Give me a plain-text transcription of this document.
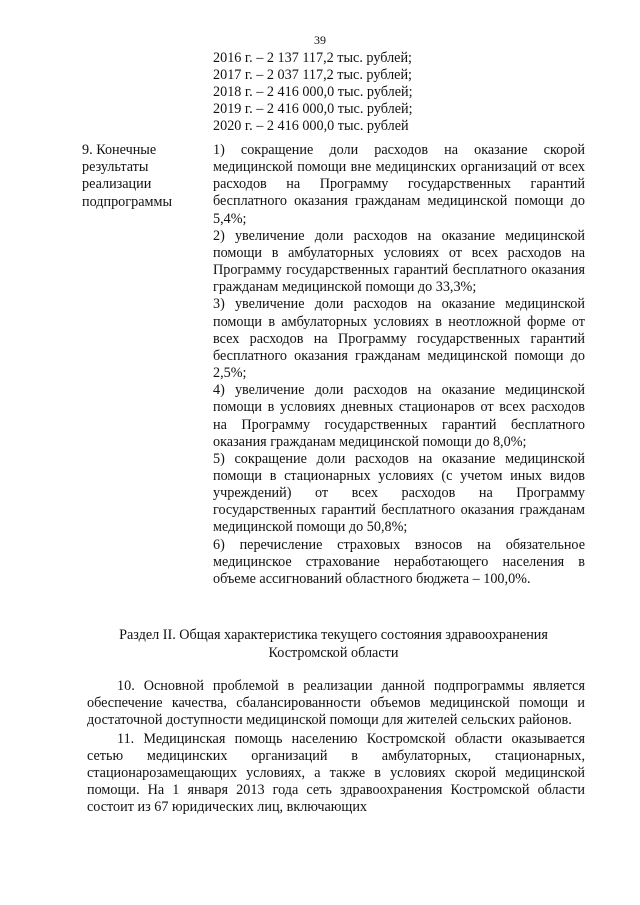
39
2016 г. – 2 137 117,2 тыс. рублей;
2017 г. – 2 037 117,2 тыс. рублей;
2018 г. – 2 416 000,0 тыс. рублей;
2019 г. – 2 416 000,0 тыс. рублей;
2020 г. – 2 416 000,0 тыс. рублей
9. Конечные результаты реализации подпрограммы

1) сокращение доли расходов на оказание скорой медицинской помощи вне медицинских организаций от всех расходов на Программу государственных гарантий бесплатного оказания гражданам медицинской помощи до 5,4%;

2) увеличение доли расходов на оказание медицинской помощи в амбулаторных условиях от всех расходов на Программу государственных гарантий бесплатного оказания гражданам медицинской помощи до 33,3%;

3) увеличение доли расходов на оказание медицинской помощи в амбулаторных условиях в неотложной форме от всех расходов на Программу государственных гарантий бесплатного оказания гражданам медицинской помощи до 2,5%;

4) увеличение доли расходов на оказание медицинской помощи в условиях дневных стационаров от всех расходов на Программу государственных гарантий бесплатного оказания гражданам медицинской помощи до 8,0%;

5) сокращение доли расходов на оказание медицинской помощи в стационарных условиях (с учетом иных видов учреждений) от всех расходов на Программу государственных гарантий бесплатного оказания гражданам медицинской помощи до 50,8%;

6) перечисление страховых взносов на обязательное медицинское страхование неработающего населения в объеме ассигнований областного бюджета – 100,0%.

Раздел II. Общая характеристика текущего состояния здравоохранения
Костромской области

10. Основной проблемой в реализации данной подпрограммы является обеспечение качества, сбалансированности объемов медицинской помощи и достаточной доступности медицинской помощи для жителей сельских районов.

11. Медицинская помощь населению Костромской области оказывается сетью медицинских организаций в амбулаторных, стационарных, стационарозамещающих условиях, а также в условиях скорой медицинской помощи. На 1 января 2013 года сеть здравоохранения Костромской области состоит из 67 юридических лиц, включающих
